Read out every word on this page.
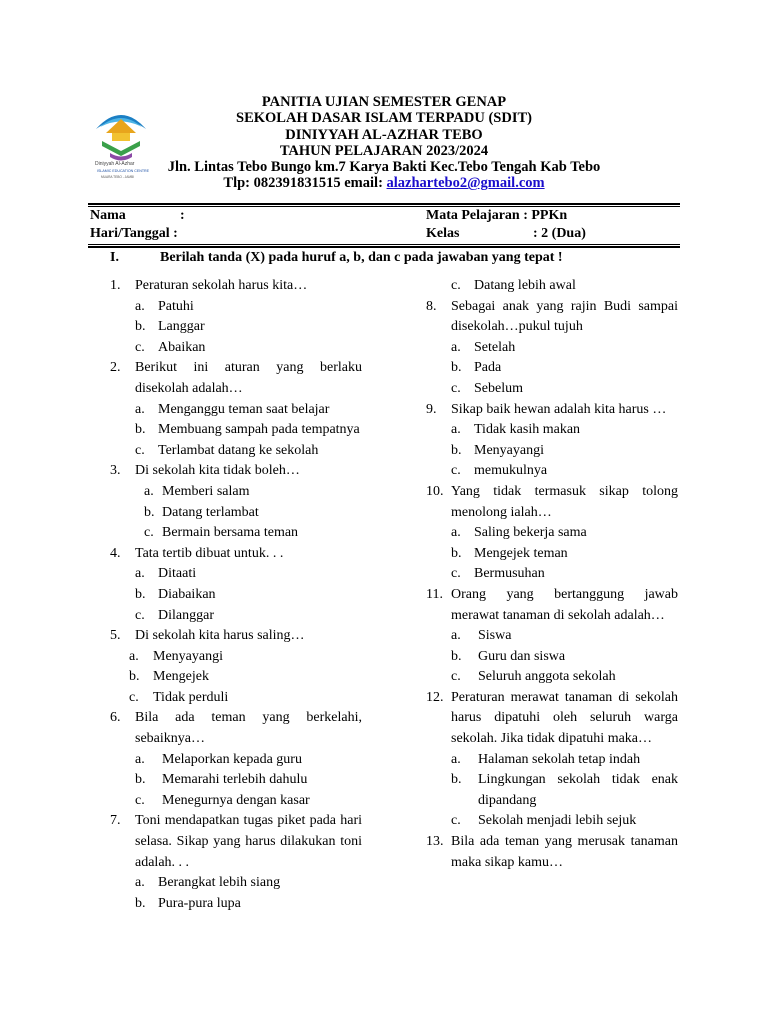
Diniyyah Al-Azhar
ISLAMIC EDUCATION CENTRE
MUARA TEBO - JAMBI
PANITIA UJIAN SEMESTER GENAP
SEKOLAH DASAR ISLAM TERPADU (SDIT)
DINIYYAH AL-AZHAR TEBO
TAHUN PELAJARAN 2023/2024
Jln. Lintas Tebo Bungo km.7 Karya Bakti Kec.Tebo Tengah Kab Tebo
Tlp: 082391831515 email: alazhartebo2@gmail.com
Nama	:
Hari/Tanggal :
Mata Pelajaran : PPKn
Kelas	: 2 (Dua)
I.	Berilah tanda (X) pada huruf a, b, dan c pada jawaban yang tepat !
1. Peraturan sekolah harus kita…
a. Patuhi
b. Langgar
c. Abaikan
2. Berikut ini aturan yang berlaku disekolah adalah…
a. Menganggu teman saat belajar
b. Membuang sampah pada tempatnya
c. Terlambat datang ke sekolah
3. Di sekolah kita tidak boleh…
a. Memberi salam
b. Datang terlambat
c. Bermain bersama teman
4. Tata tertib dibuat untuk. . .
a. Ditaati
b. Diabaikan
c. Dilanggar
5. Di sekolah kita harus saling…
a. Menyayangi
b. Mengejek
c. Tidak perduli
6. Bila ada teman yang berkelahi, sebaiknya…
a. Melaporkan kepada guru
b. Memarahi terlebih dahulu
c. Menegurnya dengan kasar
7. Toni mendapatkan tugas piket pada hari selasa. Sikap yang harus dilakukan toni adalah. . .
a. Berangkat lebih siang
b. Pura-pura lupa
c. Datang lebih awal
8. Sebagai anak yang rajin Budi sampai disekolah…pukul tujuh
a. Setelah
b. Pada
c. Sebelum
9. Sikap baik hewan adalah kita harus …
a. Tidak kasih makan
b. Menyayangi
c. memukulnya
10. Yang tidak termasuk sikap tolong menolong ialah…
a. Saling bekerja sama
b. Mengejek teman
c. Bermusuhan
11. Orang yang bertanggung jawab merawat tanaman di sekolah adalah…
a. Siswa
b. Guru dan siswa
c. Seluruh anggota sekolah
12. Peraturan merawat tanaman di sekolah harus dipatuhi oleh seluruh warga sekolah. Jika tidak dipatuhi maka…
a. Halaman sekolah tetap indah
b. Lingkungan sekolah tidak enak dipandang
c. Sekolah menjadi lebih sejuk
13. Bila ada teman yang merusak tanaman maka sikap kamu…
